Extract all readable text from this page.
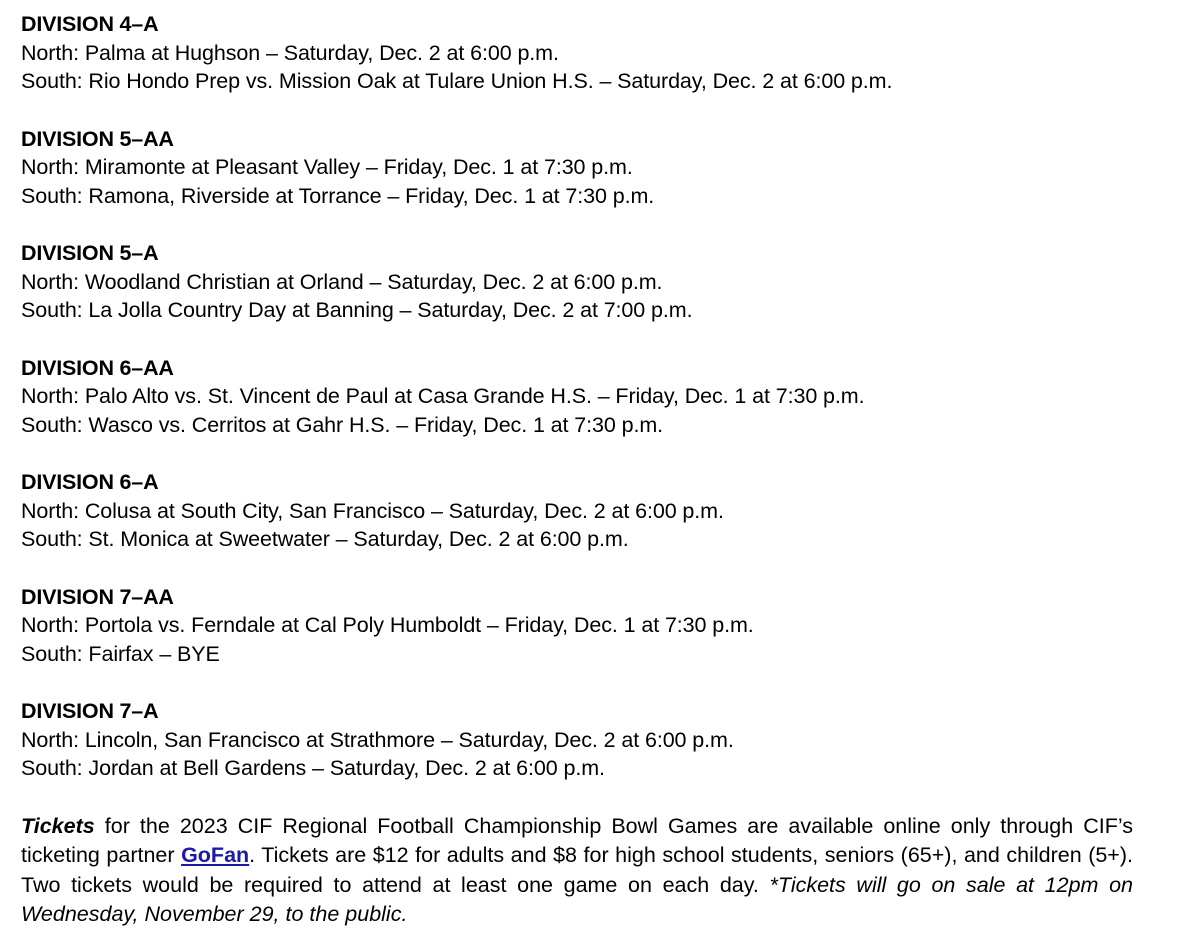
DIVISION 4–A
North: Palma at Hughson – Saturday, Dec. 2 at 6:00 p.m.
South: Rio Hondo Prep vs. Mission Oak at Tulare Union H.S. – Saturday, Dec. 2 at 6:00 p.m.
DIVISION 5–AA
North: Miramonte at Pleasant Valley – Friday, Dec. 1 at 7:30 p.m.
South: Ramona, Riverside at Torrance – Friday, Dec. 1 at 7:30 p.m.
DIVISION 5–A
North: Woodland Christian at Orland – Saturday, Dec. 2 at 6:00 p.m.
South: La Jolla Country Day at Banning – Saturday, Dec. 2 at 7:00 p.m.
DIVISION 6–AA
North: Palo Alto vs. St. Vincent de Paul at Casa Grande H.S. – Friday, Dec. 1 at 7:30 p.m.
South: Wasco vs. Cerritos at Gahr H.S. – Friday, Dec. 1 at 7:30 p.m.
DIVISION 6–A
North: Colusa at South City, San Francisco – Saturday, Dec. 2 at 6:00 p.m.
South: St. Monica at Sweetwater – Saturday, Dec. 2 at 6:00 p.m.
DIVISION 7–AA
North: Portola vs. Ferndale at Cal Poly Humboldt – Friday, Dec. 1 at 7:30 p.m.
South: Fairfax – BYE
DIVISION 7–A
North: Lincoln, San Francisco at Strathmore – Saturday, Dec. 2 at 6:00 p.m.
South: Jordan at Bell Gardens – Saturday, Dec. 2 at 6:00 p.m.
Tickets for the 2023 CIF Regional Football Championship Bowl Games are available online only through CIF’s ticketing partner GoFan. Tickets are $12 for adults and $8 for high school students, seniors (65+), and children (5+). Two tickets would be required to attend at least one game on each day. *Tickets will go on sale at 12pm on Wednesday, November 29, to the public.
